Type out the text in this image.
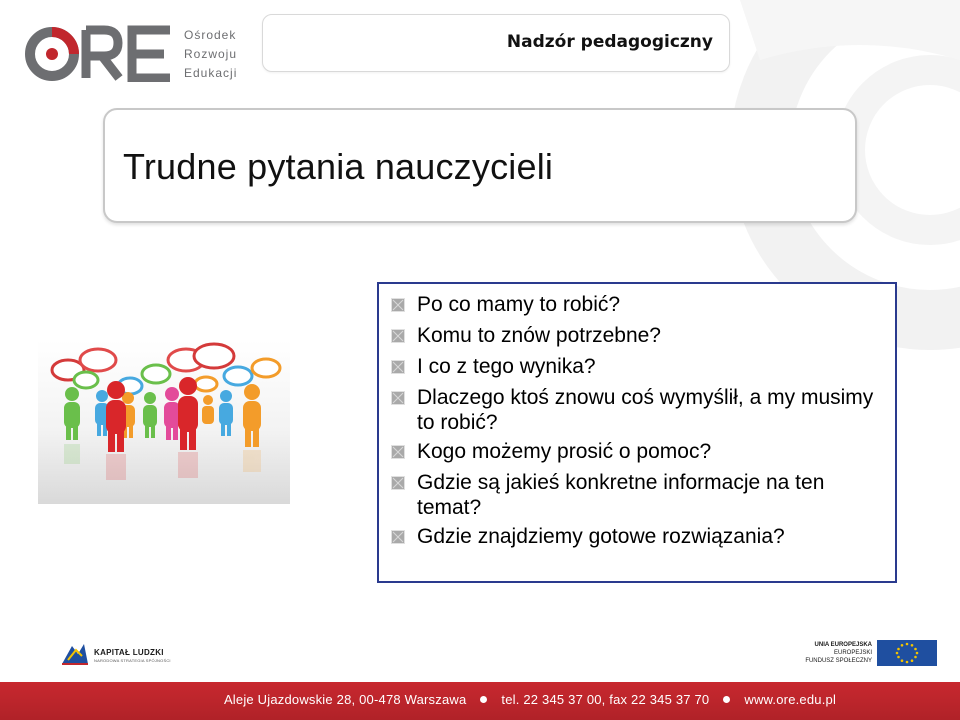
Ośrodek
Rozwoju
Edukacji
Nadzór pedagogiczny
Trudne pytania nauczycieli
Po co mamy to robić?
Komu to znów potrzebne?
I co z tego wynika?
Dlaczego ktoś znowu coś wymyślił, a my musimy to robić?
Kogo możemy prosić o pomoc?
Gdzie są jakieś konkretne informacje na ten temat?
Gdzie znajdziemy gotowe rozwiązania?
KAPITAŁ LUDZKI
NARODOWA STRATEGIA SPÓJNOŚCI
UNIA EUROPEJSKA
EUROPEJSKI
FUNDUSZ SPOŁECZNY
Aleje Ujazdowskie 28, 00-478 Warszawa	tel. 22 345 37 00, fax 22 345 37 70	www.ore.edu.pl
